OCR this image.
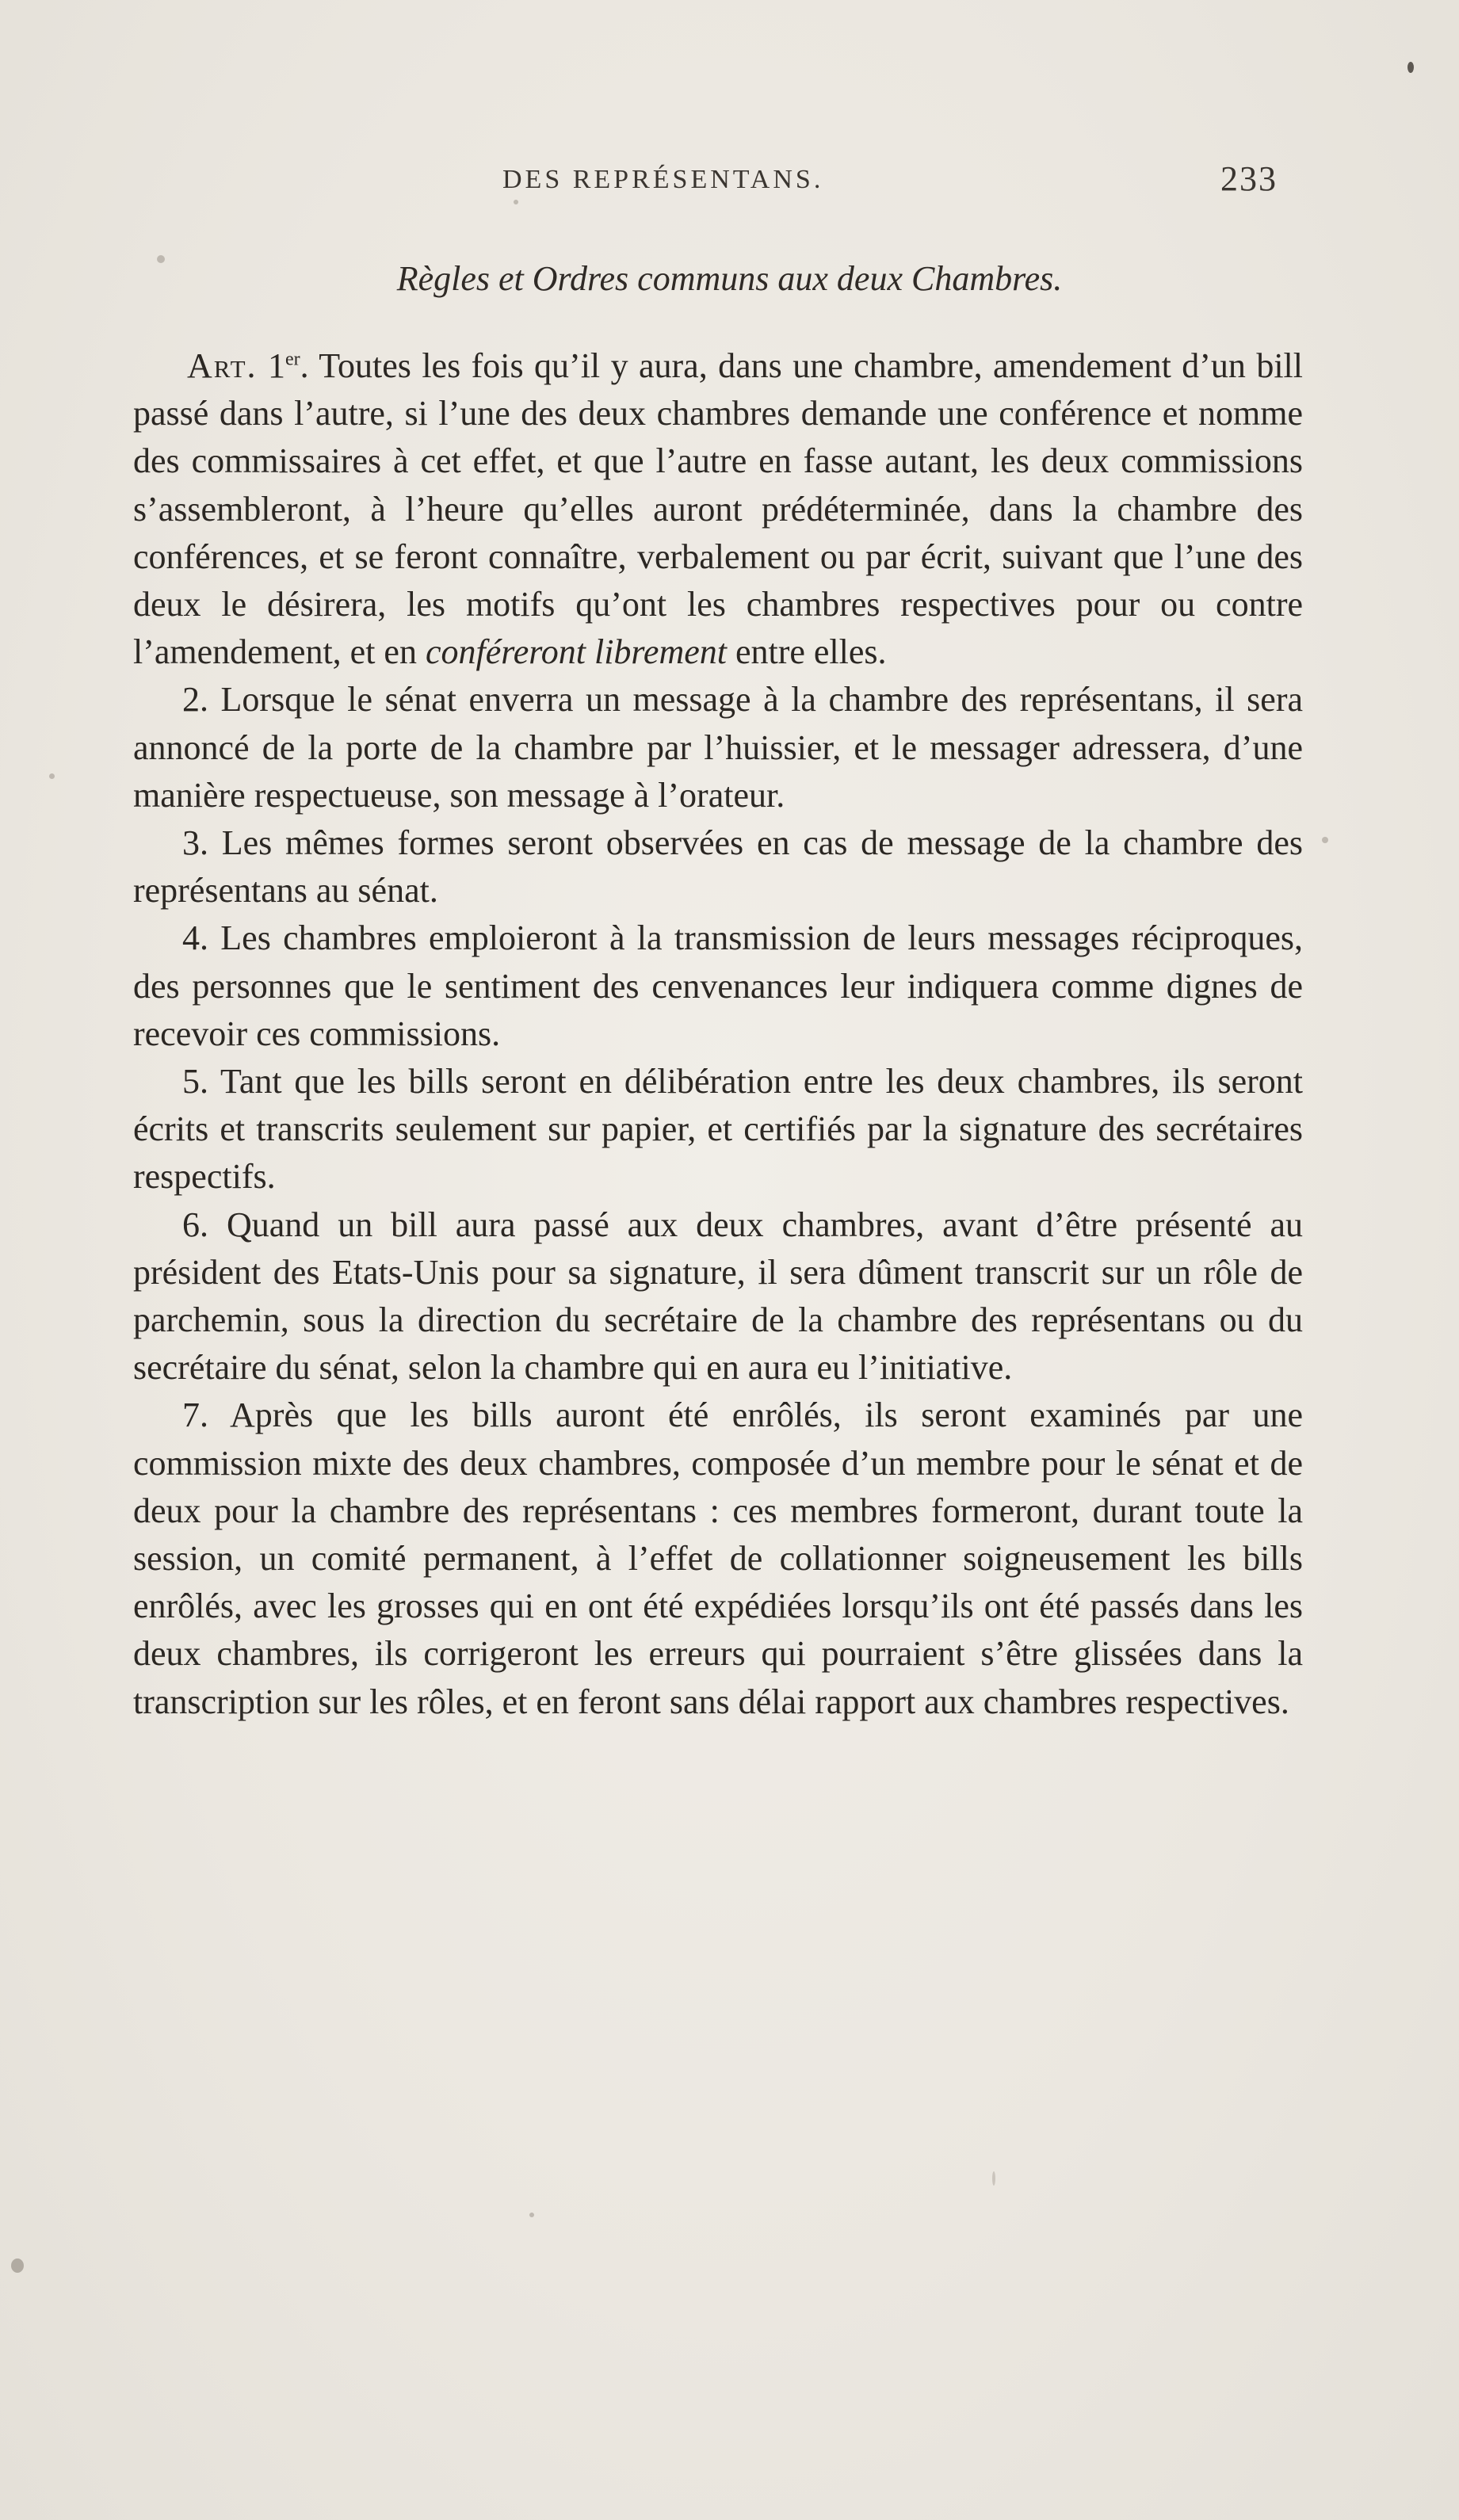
DES REPRÉSENTANS.	233
Règles et Ordres communs aux deux Chambres.

Art. 1er. Toutes les fois qu’il y aura, dans une chambre, amendement d’un bill passé dans l’autre, si l’une des deux chambres demande une conférence et nomme des commissaires à cet effet, et que l’autre en fasse autant, les deux commissions s’assembleront, à l’heure qu’elles auront prédéterminée, dans la chambre des conférences, et se feront connaître, verbalement ou par écrit, suivant que l’une des deux le désirera, les motifs qu’ont les chambres respectives pour ou contre l’amendement, et en conféreront librement entre elles.

2. Lorsque le sénat enverra un message à la chambre des représentans, il sera annoncé de la porte de la chambre par l’huissier, et le messager adressera, d’une manière respectueuse, son message à l’orateur.

3. Les mêmes formes seront observées en cas de message de la chambre des représentans au sénat.

4. Les chambres emploieront à la transmission de leurs messages réciproques, des personnes que le sentiment des cenvenances leur indiquera comme dignes de recevoir ces commissions.

5. Tant que les bills seront en délibération entre les deux chambres, ils seront écrits et transcrits seulement sur papier, et certifiés par la signature des secrétaires respectifs.

6. Quand un bill aura passé aux deux chambres, avant d’être présenté au président des Etats-Unis pour sa signature, il sera dûment transcrit sur un rôle de parchemin, sous la direction du secrétaire de la chambre des représentans ou du secrétaire du sénat, selon la chambre qui en aura eu l’initiative.

7. Après que les bills auront été enrôlés, ils seront examinés par une commission mixte des deux chambres, composée d’un membre pour le sénat et de deux pour la chambre des représentans : ces membres formeront, durant toute la session, un comité permanent, à l’effet de collationner soigneusement les bills enrôlés, avec les grosses qui en ont été expédiées lorsqu’ils ont été passés dans les deux chambres, ils corrigeront les erreurs qui pourraient s’être glissées dans la transcription sur les rôles, et en feront sans délai rapport aux chambres respectives.
